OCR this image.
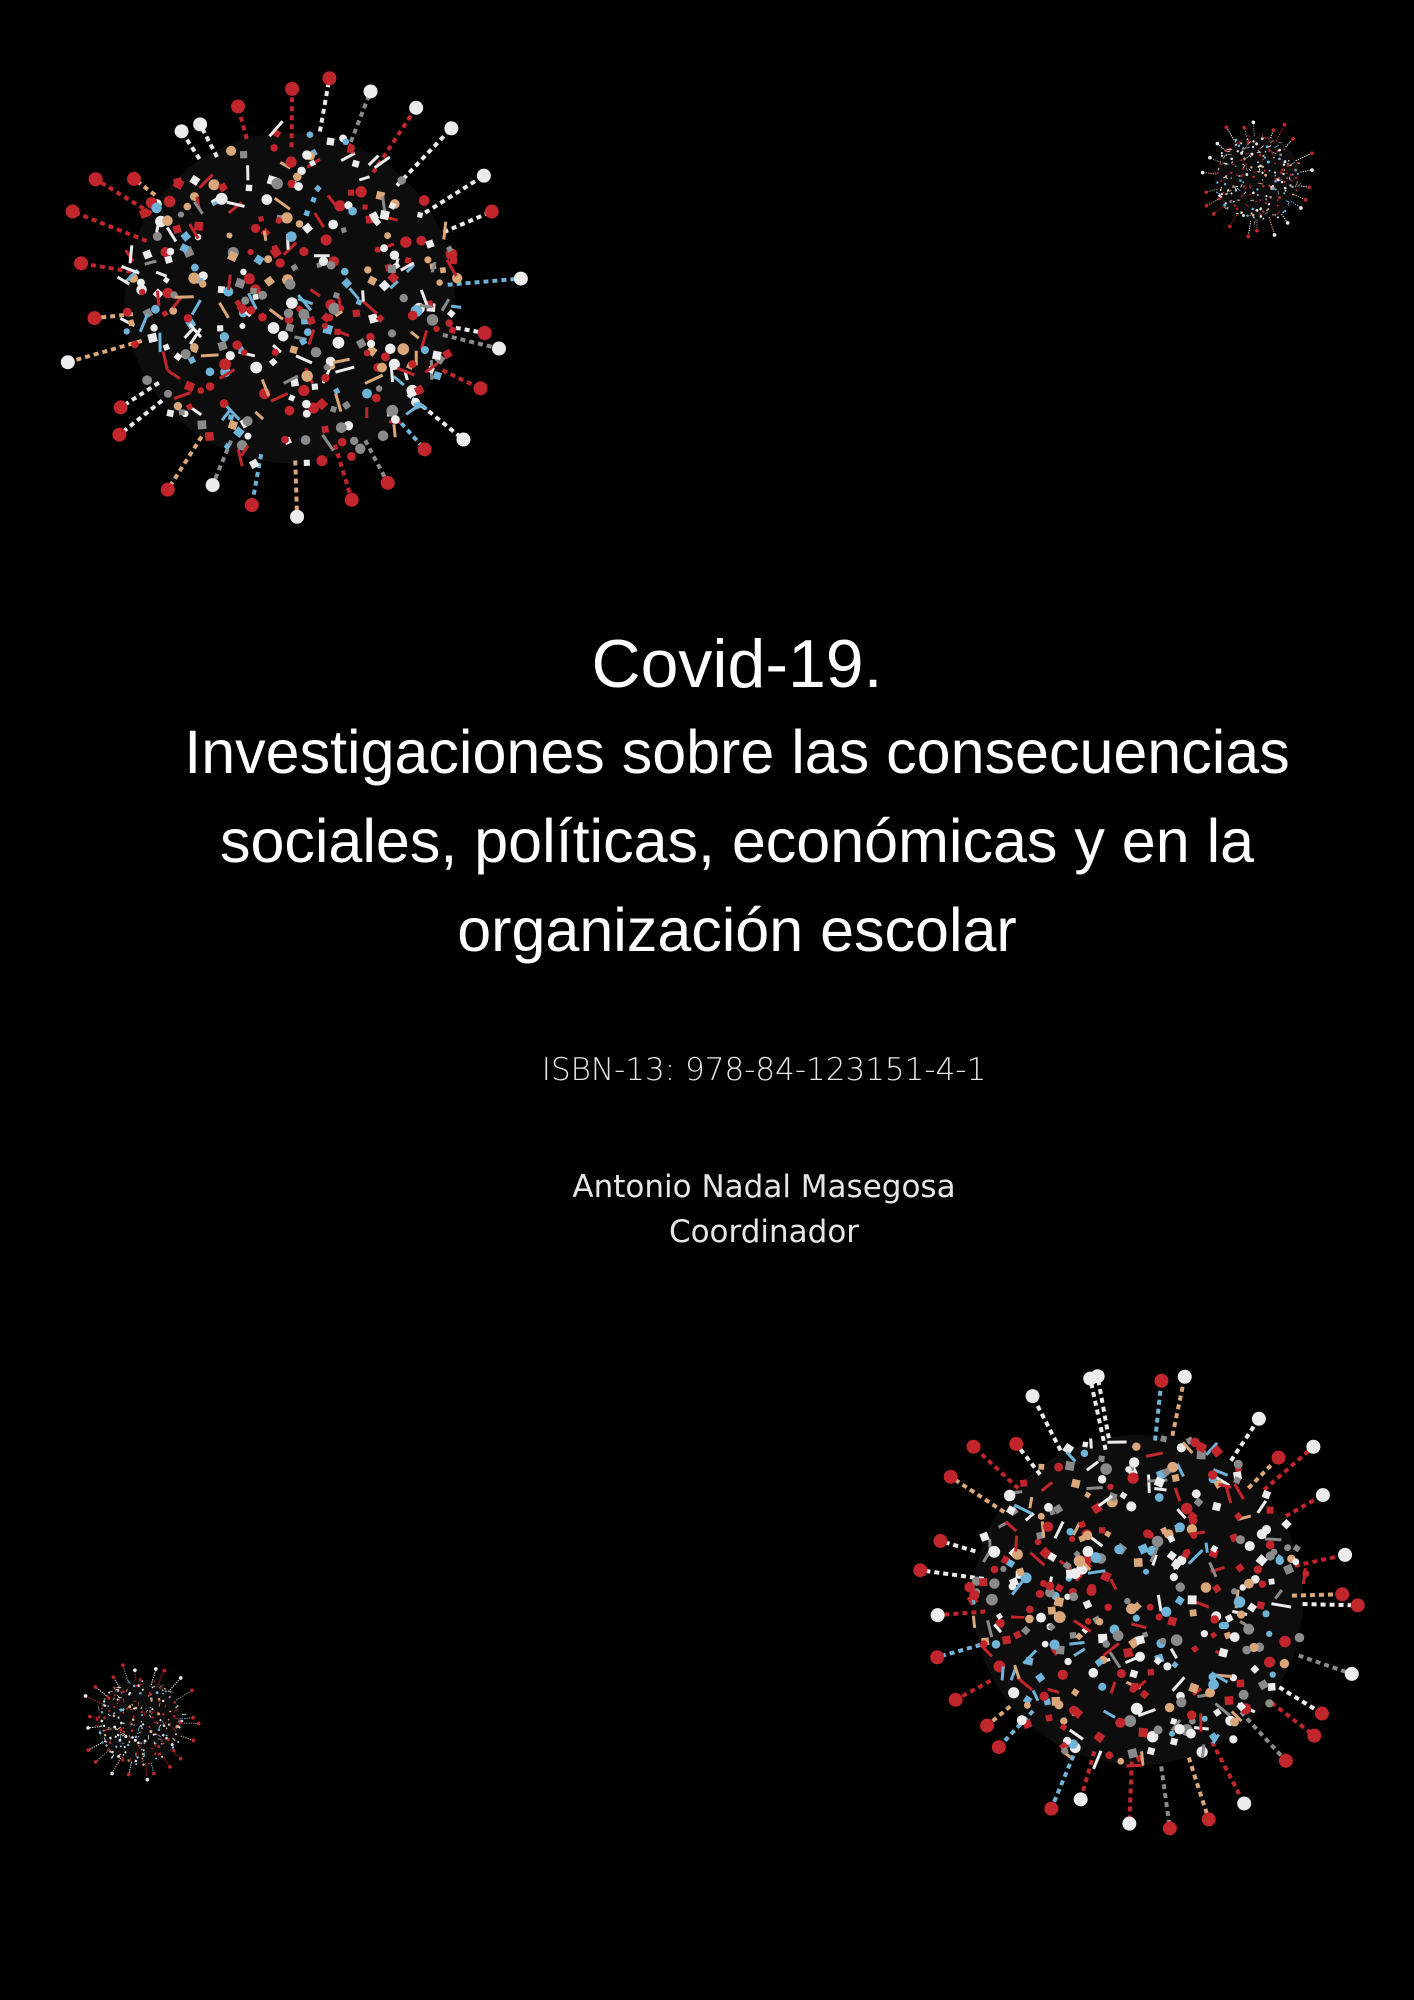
Covid-19.
Investigaciones sobre las consecuencias
sociales, políticas, económicas y en la
organización escolar
ISBN-13: 978-84-123151-4-1
Antonio Nadal Masegosa
Coordinador
